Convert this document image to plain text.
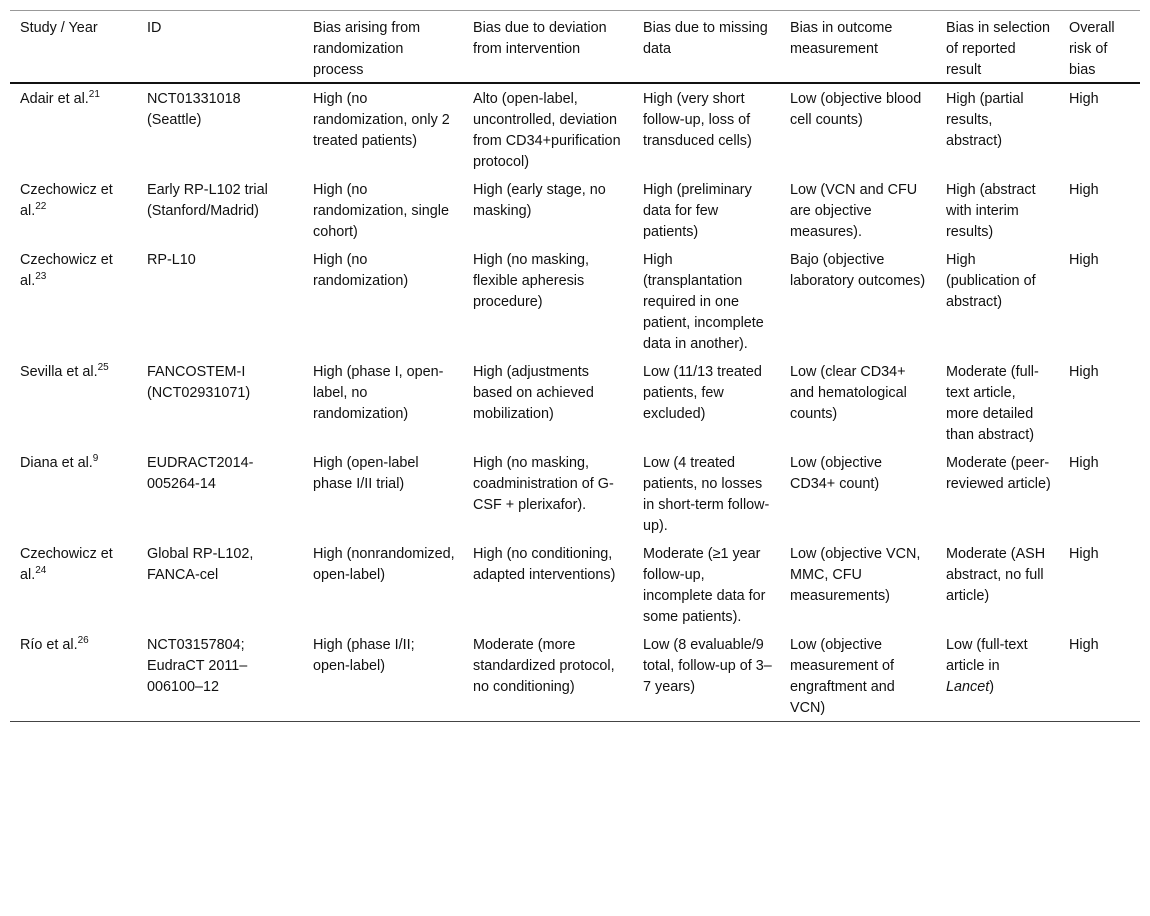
Study / Year	ID	Bias arising from randomization process	Bias due to deviation from intervention	Bias due to missing data	Bias in outcome measurement	Bias in selection of reported result	Overall risk of bias
Adair et al.$^{21}$	NCT01331018 (Seattle)	High (no randomization, only 2 treated patients)	Alto (open-label, uncontrolled, deviation from CD34+purification protocol)	High (very short follow-up, loss of transduced cells)	Low (objective blood cell counts)	High (partial results, abstract)	High
Czechowicz et al.$^{22}$	Early RP-L102 trial (Stanford/Madrid)	High (no randomization, single cohort)	High (early stage, no masking)	High (preliminary data for few patients)	Low (VCN and CFU are objective measures).	High (abstract with interim results)	High
Czechowicz et al.$^{23}$	RP-L10	High (no randomization)	High (no masking, flexible apheresis procedure)	High (transplantation required in one patient, incomplete data in another).	Bajo (objective laboratory outcomes)	High (publication of abstract)	High
Sevilla et al.$^{25}$	FANCOSTEM-I (NCT02931071)	High (phase I, open-label, no randomization)	High (adjustments based on achieved mobilization)	Low (11/13 treated patients, few excluded)	Low (clear CD34+ and hematological counts)	Moderate (full-text article, more detailed than abstract)	High
Diana et al.$^9$	EUDRACT2014-005264-14	High (open-label phase I/II trial)	High (no masking, coadministration of G-CSF + plerixafor).	Low (4 treated patients, no losses in short-term follow-up).	Low (objective CD34+ count)	Moderate (peer-reviewed article)	High
Czechowicz et al.$^{24}$	Global RP-L102, FANCA-cel	High (nonrandomized, open-label)	High (no conditioning, adapted interventions)	Moderate (≥1 year follow-up, incomplete data for some patients).	Low (objective VCN, MMC, CFU measurements)	Moderate (ASH abstract, no full article)	High
Río et al.$^{26}$	NCT03157804; EudraCT 2011–006100–12	High (phase I/II; open-label)	Moderate (more standardized protocol, no conditioning)	Low (8 evaluable/9 total, follow-up of 3–7 years)	Low (objective measurement of engraftment and VCN)	Low (full-text article in Lancet)	High
